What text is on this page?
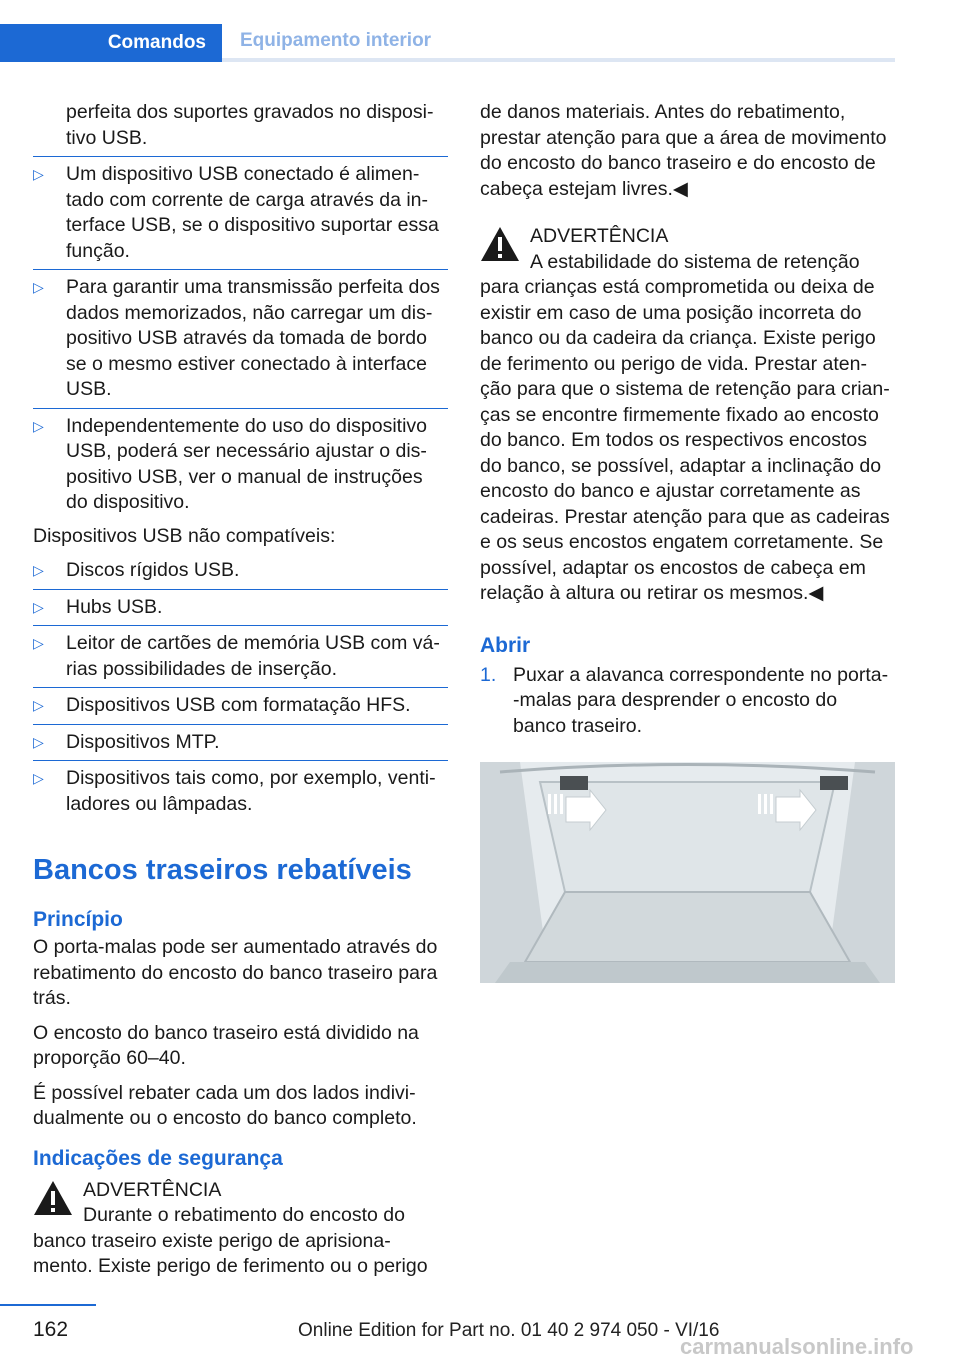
Comandos Equipamento interior
perfeita dos suportes gravados no disposi-
tivo USB.
▷ Um dispositivo USB conectado é alimen-
tado com corrente de carga através da in-
terface USB, se o dispositivo suportar essa
função.
▷ Para garantir uma transmissão perfeita dos
dados memorizados, não carregar um dis-
positivo USB através da tomada de bordo
se o mesmo estiver conectado à interface
USB.
▷ Independentemente do uso do dispositivo
USB, poderá ser necessário ajustar o dis-
positivo USB, ver o manual de instruções
do dispositivo.

Dispositivos USB não compatíveis:

▷ Discos rígidos USB.
▷ Hubs USB.
▷ Leitor de cartões de memória USB com vá-
rias possibilidades de inserção.
▷ Dispositivos USB com formatação HFS.
▷ Dispositivos MTP.
▷ Dispositivos tais como, por exemplo, venti-
ladores ou lâmpadas.
Bancos traseiros rebatíveis
Princípio

O porta-malas pode ser aumentado através do
rebatimento do encosto do banco traseiro para
trás.

O encosto do banco traseiro está dividido na
proporção 60–40.

É possível rebater cada um dos lados indivi-
dualmente ou o encosto do banco completo.

Indicações de segurança
ADVERTÊNCIA
Durante o rebatimento do encosto do
banco traseiro existe perigo de aprisiona-
mento. Existe perigo de ferimento ou o perigo

de danos materiais. Antes do rebatimento,
prestar atenção para que a área de movimento
do encosto do banco traseiro e do encosto de
cabeça estejam livres.◀

ADVERTÊNCIA
A estabilidade do sistema de retenção
para crianças está comprometida ou deixa de
existir em caso de uma posição incorreta do
banco ou da cadeira da criança. Existe perigo
de ferimento ou perigo de vida. Prestar aten-
ção para que o sistema de retenção para crian-
ças se encontre firmemente fixado ao encosto
do banco. Em todos os respectivos encostos
do banco, se possível, adaptar a inclinação do
encosto do banco e ajustar corretamente as
cadeiras. Prestar atenção para que as cadeiras
e os seus encostos engatem corretamente. Se
possível, adaptar os encostos de cabeça em
relação à altura ou retirar os mesmos.◀
Abrir
1. Puxar a alavanca correspondente no porta-
-malas para desprender o encosto do
banco traseiro.
162	Online Edition for Part no. 01 40 2 974 050 - VI/16
carmanualsonline.info
